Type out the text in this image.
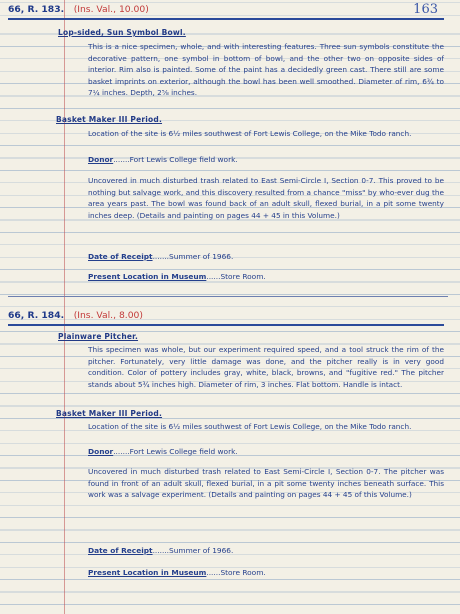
163
66, R. 183. (Ins. Val., 10.00)
Lop-sided, Sun Symbol Bowl.
This is a nice specimen, whole, and with interesting features. Three sun symbols constitute the decorative pattern, one symbol in bottom of bowl, and the other two on opposite sides of interior. Rim also is painted. Some of the paint has a decidedly green cast. There still are some basket imprints on exterior, although the bowl has been well smoothed. Diameter of rim, 6¾ to 7¼ inches. Depth, 2⅝ inches.
Basket Maker III Period.
Location of the site is 6½ miles southwest of Fort Lewis College, on the Mike Todo ranch.
Donor.......Fort Lewis College field work.
Uncovered in much disturbed trash related to East Semi-Circle I, Section 0-7. This proved to be nothing but salvage work, and this discovery resulted from a chance "miss" by who-ever dug the area years past. The bowl was found back of an adult skull, flexed burial, in a pit some twenty inches deep. (Details and painting on pages 44 + 45 in this Volume.)
Date of Receipt.......Summer of 1966.
Present Location in Museum......Store Room.
66, R. 184. (Ins. Val., 8.00)
Plainware Pitcher.
This specimen was whole, but our experiment required speed, and a tool struck the rim of the pitcher. Fortunately, very little damage was done, and the pitcher really is in very good condition. Color of pottery includes gray, white, black, browns, and "fugitive red." The pitcher stands about 5¾ inches high. Diameter of rim, 3 inches. Flat bottom. Handle is intact.
Basket Maker III Period.
Location of the site is 6½ miles southwest of Fort Lewis College, on the Mike Todo ranch.
Donor.......Fort Lewis College field work.
Uncovered in much disturbed trash related to East Semi-Circle I, Section 0-7. The pitcher was found in front of an adult skull, flexed burial, in a pit some twenty inches beneath surface. This work was a salvage experiment. (Details and painting on pages 44 + 45 of this Volume.)
Date of Receipt.......Summer of 1966.
Present Location in Museum......Store Room.
